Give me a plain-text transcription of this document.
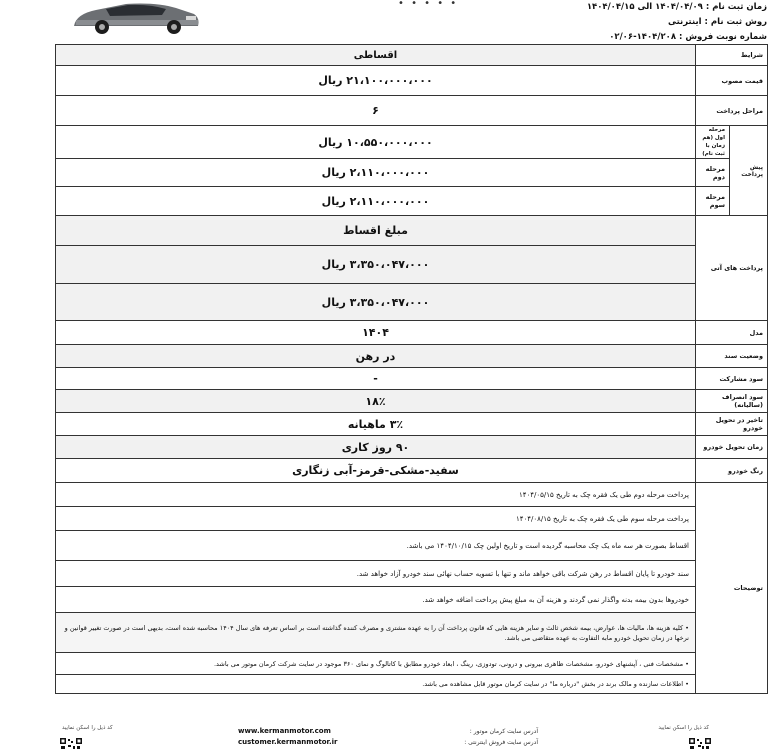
• • • • •	زمان ثبت نام : ۱۴۰۴/۰۴/۰۹ الی ۱۴۰۴/۰۴/۱۵
روش ثبت نام : اینترنتی
شماره نوبت فروش : ۱۴۰۴/۲۰۸-۰۲/۰۶
شرایط		اقساطی
قیمت مصوب		۲۱،۱۰۰،۰۰۰،۰۰۰ ریال
مراحل پرداخت		۶
پیش پرداخت	مرحله اول (هم زمان با ثبت نام)	۱۰،۵۵۰،۰۰۰،۰۰۰ ریال
	مرحله دوم	۲،۱۱۰،۰۰۰،۰۰۰ ریال
	مرحله سوم	۲،۱۱۰،۰۰۰،۰۰۰ ریال
پرداخت های آتی		مبلغ اقساط
		۳،۳۵۰،۰۴۷،۰۰۰ ریال
		۳،۳۵۰،۰۴۷،۰۰۰ ریال
مدل		۱۴۰۴
وضعیت سند		در رهن
سود مشارکت		-
سود انصراف (سالیانه)		۱۸٪
تاخیر در تحویل خودرو		۳٪ ماهیانه
زمان تحویل خودرو		۹۰ روز کاری
رنگ خودرو		سفید-مشکی-قرمز-آبی زنگاری
توضیحات		پرداخت مرحله دوم طی یک فقره چک به تاریخ ۱۴۰۴/۰۵/۱۵
		پرداخت مرحله سوم طی یک فقره چک به تاریخ ۱۴۰۴/۰۸/۱۵
		اقساط بصورت هر سه ماه یک چک محاسبه گردیده است و تاریخ اولین چک ۱۴۰۴/۱۰/۱۵ می باشد.
		سند خودرو تا پایان اقساط در رهن شرکت باقی خواهد ماند و تنها با تسویه حساب نهائی سند خودرو آزاد خواهد شد.
		خودروها بدون بیمه بدنه واگذار نمی گردند و هزینه آن به مبلغ پیش پرداخت اضافه خواهد شد.
		• کلیه هزینه ها، مالیات ها، عوارض، بیمه شخص ثالث و سایر هزینه هایی که قانون پرداخت آن را به عهده مشتری و مصرف کننده گذاشته است بر اساس تعرفه های سال ۱۴۰۴ محاسبه شده است، بدیهی است در صورت تغییر قوانین و نرخها در زمان تحویل خودرو مابه التفاوت به عهده متقاضی می باشد.
		• مشخصات فنی ، آپشنهای خودرو، مشخصات ظاهری بیرونی و درونی، تودوزی، رینگ ، ابعاد خودرو مطابق با کاتالوگ و نمای ۳۶۰ موجود در سایت شرکت کرمان موتور می باشد.
		• اطلاعات سازنده و مالک برند در بخش "درباره ما" در سایت کرمان موتور قابل مشاهده می باشد.
کد ذیل را اسکن نمایید	www.kermanmotor.com	آدرس سایت کرمان موتور :
customer.kermanmotor.ir	آدرس سایت فروش اینترنتی :
کد ذیل را اسکن نمایید
